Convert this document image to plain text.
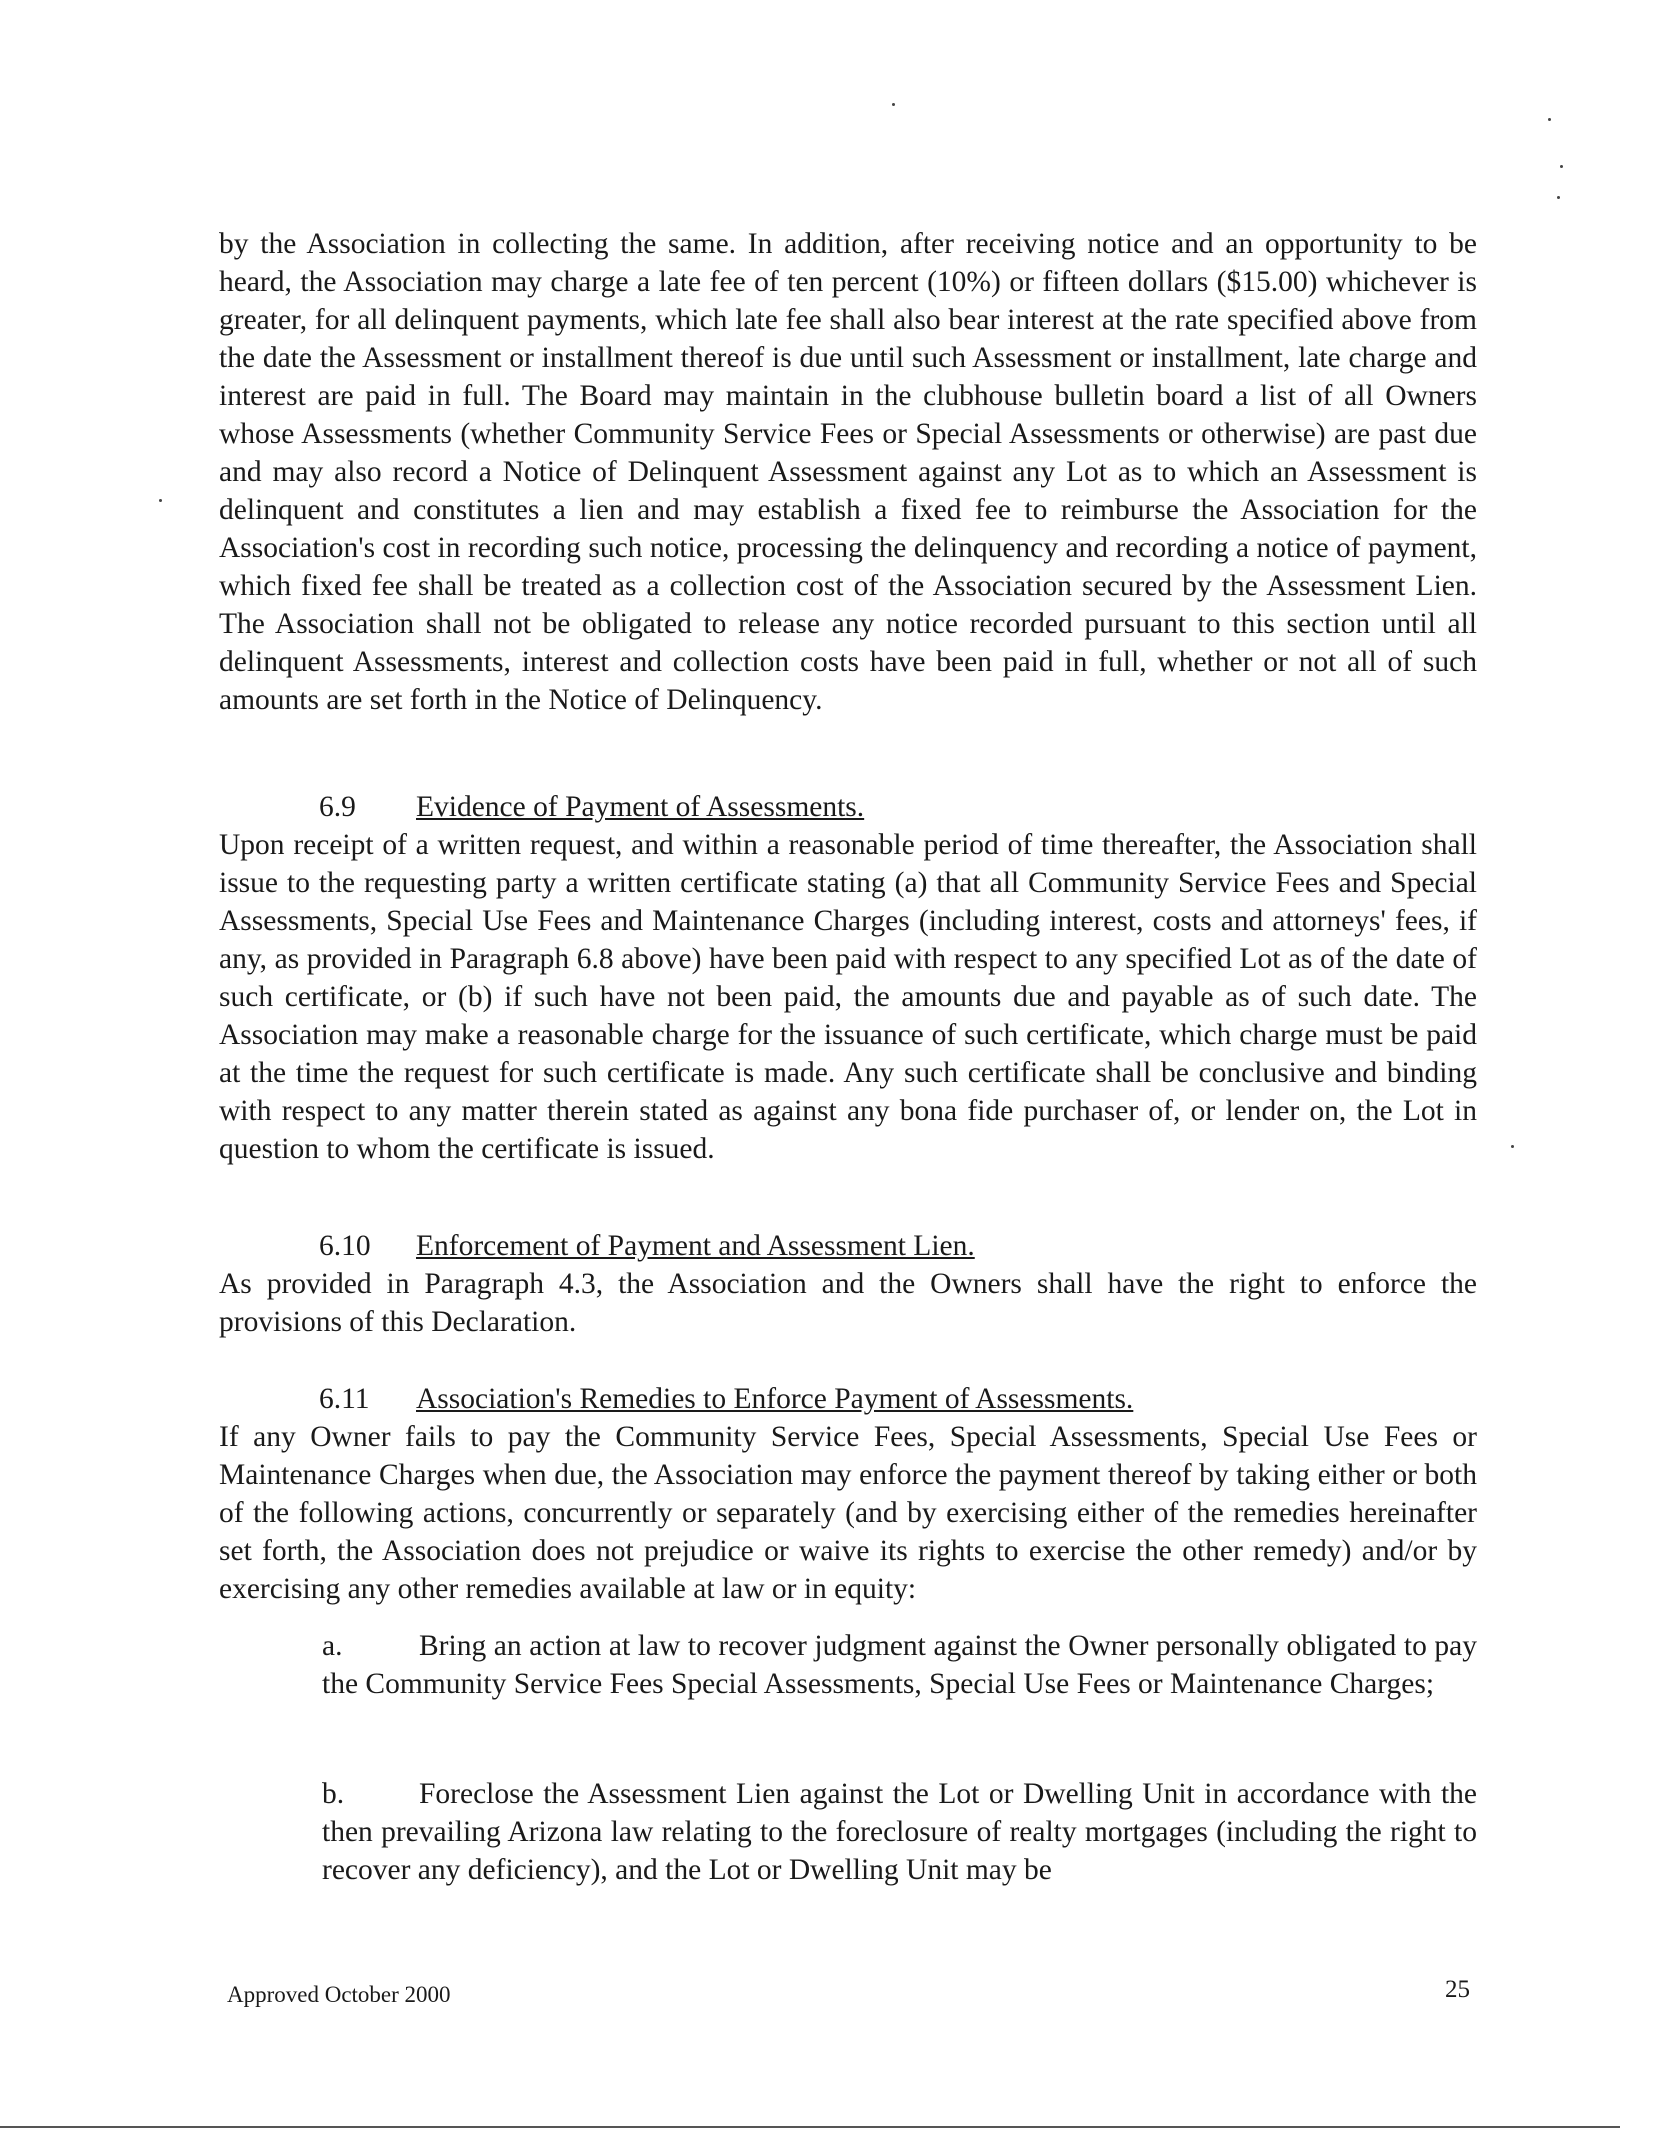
by the Association in collecting the same. In addition, after receiving notice and an opportunity to be heard, the Association may charge a late fee of ten percent (10%) or fifteen dollars ($15.00) whichever is greater, for all delinquent payments, which late fee shall also bear interest at the rate specified above from the date the Assessment or installment thereof is due until such Assessment or installment, late charge and interest are paid in full. The Board may maintain in the clubhouse bulletin board a list of all Owners whose Assessments (whether Community Service Fees or Special Assessments or otherwise) are past due and may also record a Notice of Delinquent Assessment against any Lot as to which an Assessment is delinquent and constitutes a lien and may establish a fixed fee to reimburse the Association for the Association's cost in recording such notice, processing the delinquency and recording a notice of payment, which fixed fee shall be treated as a collection cost of the Association secured by the Assessment Lien. The Association shall not be obligated to release any notice recorded pursuant to this section until all delinquent Assessments, interest and collection costs have been paid in full, whether or not all of such amounts are set forth in the Notice of Delinquency.
6.9 Evidence of Payment of Assessments.
Upon receipt of a written request, and within a reasonable period of time thereafter, the Association shall issue to the requesting party a written certificate stating (a) that all Community Service Fees and Special Assessments, Special Use Fees and Maintenance Charges (including interest, costs and attorneys' fees, if any, as provided in Paragraph 6.8 above) have been paid with respect to any specified Lot as of the date of such certificate, or (b) if such have not been paid, the amounts due and payable as of such date. The Association may make a reasonable charge for the issuance of such certificate, which charge must be paid at the time the request for such certificate is made. Any such certificate shall be conclusive and binding with respect to any matter therein stated as against any bona fide purchaser of, or lender on, the Lot in question to whom the certificate is issued.
6.10 Enforcement of Payment and Assessment Lien.
As provided in Paragraph 4.3, the Association and the Owners shall have the right to enforce the provisions of this Declaration.
6.11 Association's Remedies to Enforce Payment of Assessments.
If any Owner fails to pay the Community Service Fees, Special Assessments, Special Use Fees or Maintenance Charges when due, the Association may enforce the payment thereof by taking either or both of the following actions, concurrently or separately (and by exercising either of the remedies hereinafter set forth, the Association does not prejudice or waive its rights to exercise the other remedy) and/or by exercising any other remedies available at law or in equity:
a.	Bring an action at law to recover judgment against the Owner personally obligated to pay the Community Service Fees Special Assessments, Special Use Fees or Maintenance Charges;
b.	Foreclose the Assessment Lien against the Lot or Dwelling Unit in accordance with the then prevailing Arizona law relating to the foreclosure of realty mortgages (including the right to recover any deficiency), and the Lot or Dwelling Unit may be
Approved October 2000	25
